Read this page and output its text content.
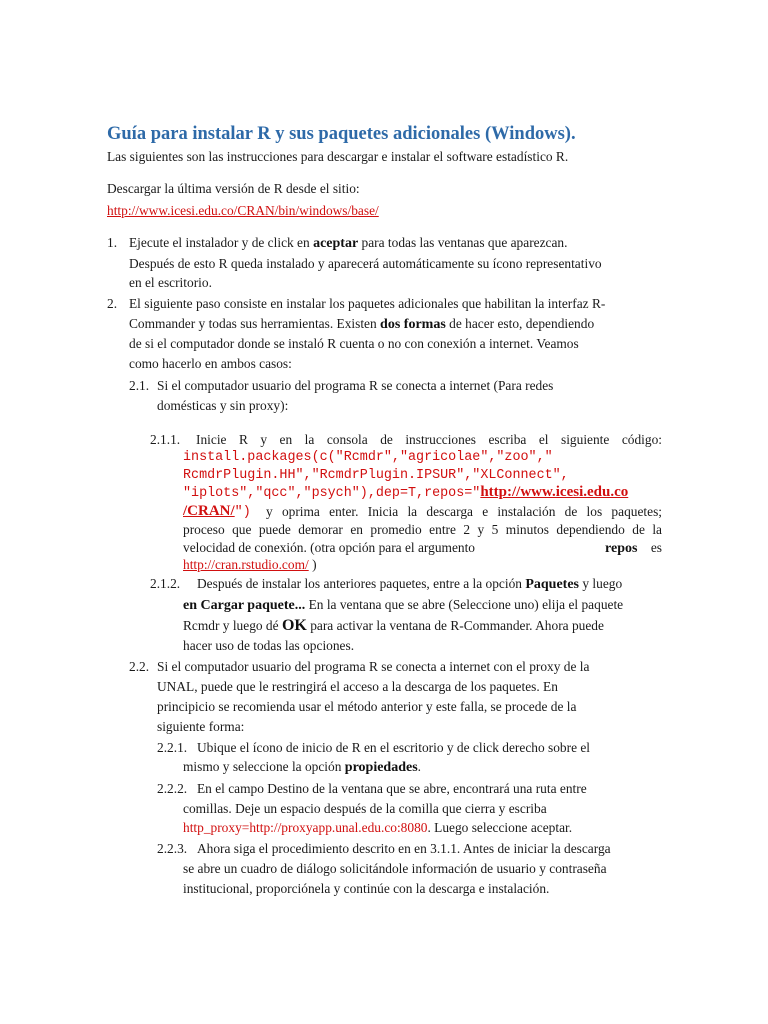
Guía para instalar R y sus paquetes adicionales (Windows).
Las siguientes son las instrucciones para descargar e instalar el software estadístico R.
Descargar la última versión de R desde el sitio:
http://www.icesi.edu.co/CRAN/bin/windows/base/
1. Ejecute el instalador y de click en aceptar para todas las ventanas que aparezcan.
Después de esto R queda instalado y aparecerá automáticamente su ícono representativo
en el escritorio.
2. El siguiente paso consiste en instalar los paquetes adicionales que habilitan la interfaz R-
Commander y todas sus herramientas. Existen dos formas de hacer esto, dependiendo
de si el computador donde se instaló R cuenta o no con conexión a internet. Veamos
como hacerlo en ambos casos:
2.1. Si el computador usuario del programa R se conecta a internet (Para redes
domésticas y sin proxy):
2.1.1. Inicie R y en la consola de instrucciones escriba el siguiente código:
install.packages(c("Rcmdr","agricolae","zoo","
RcmdrPlugin.HH","RcmdrPlugin.IPSUR","XLConnect",
"iplots","qcc","psych"),dep=T,repos="http://www.icesi.edu.co
/CRAN/") y oprima enter. Inicia la descarga e instalación de los paquetes;
proceso que puede demorar en promedio entre 2 y 5 minutos dependiendo de la
velocidad de conexión. (otra opción para el argumento	repos es
http://cran.rstudio.com/ )
2.1.2. Después de instalar los anteriores paquetes, entre a la opción Paquetes y luego
en Cargar paquete... En la ventana que se abre (Seleccione uno) elija el paquete
Rcmdr y luego dé OK para activar la ventana de R-Commander. Ahora puede
hacer uso de todas las opciones.
2.2. Si el computador usuario del programa R se conecta a internet con el proxy de la
UNAL, puede que le restringirá el acceso a la descarga de los paquetes. En
principicio se recomienda usar el método anterior y este falla, se procede de la
siguiente forma:
2.2.1. Ubique el ícono de inicio de R en el escritorio y de click derecho sobre el
mismo y seleccione la opción propiedades.
2.2.2. En el campo Destino de la ventana que se abre, encontrará una ruta entre
comillas. Deje un espacio después de la comilla que cierra y escriba
http_proxy=http://proxyapp.unal.edu.co:8080. Luego seleccione aceptar.
2.2.3. Ahora siga el procedimiento descrito en en 3.1.1. Antes de iniciar la descarga
se abre un cuadro de diálogo solicitándole información de usuario y contraseña
institucional, proporciónela y continúe con la descarga e instalación.
